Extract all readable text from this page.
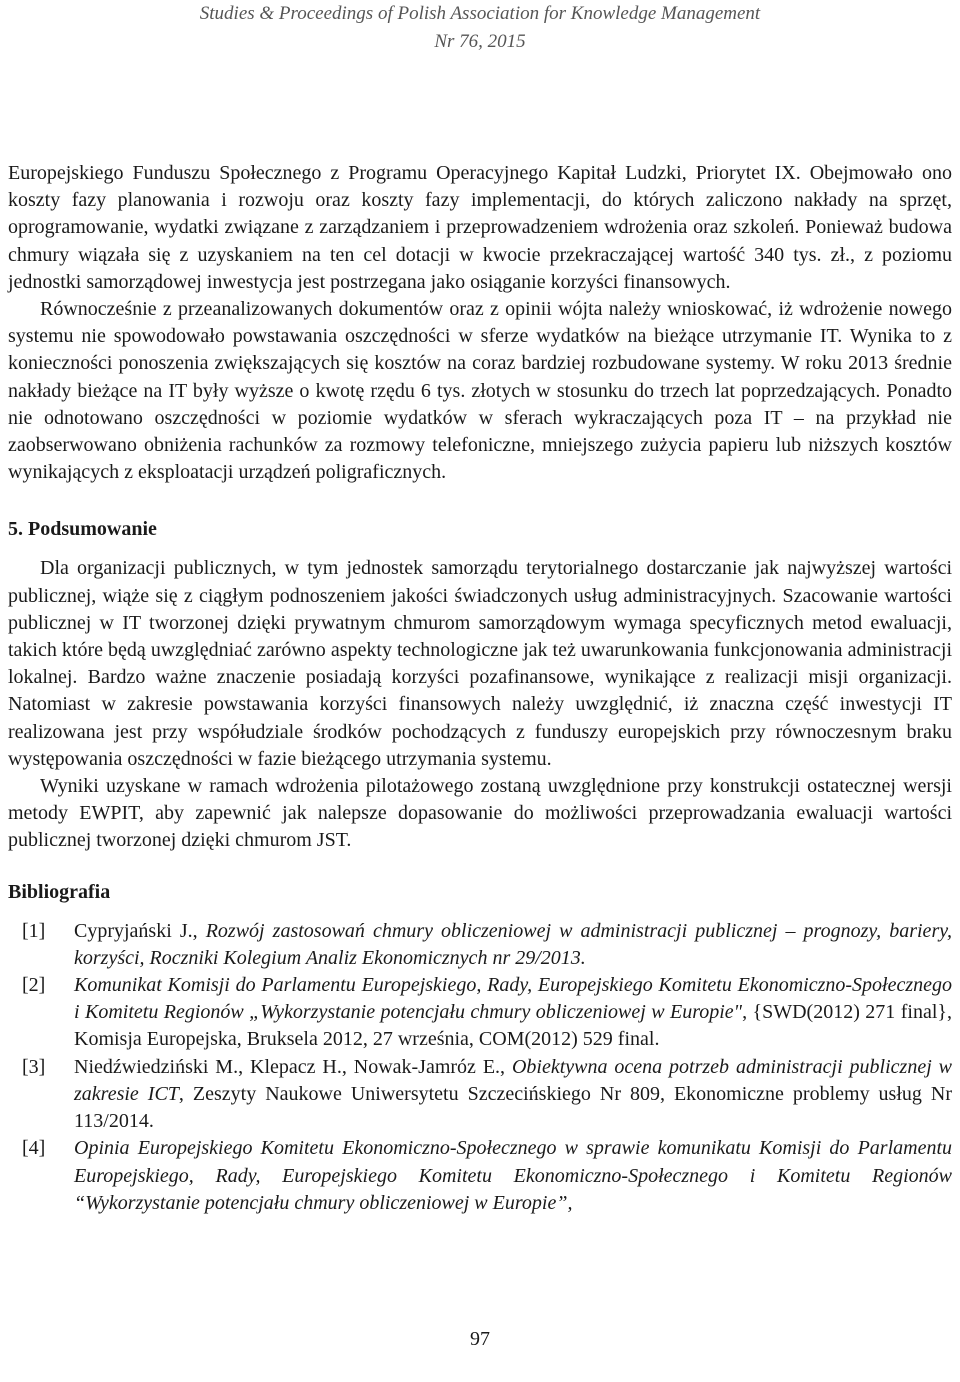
Studies & Proceedings of Polish Association for Knowledge Management
Nr 76, 2015

Europejskiego Funduszu Społecznego z Programu Operacyjnego Kapitał Ludzki, Priorytet IX. Obejmowało ono koszty fazy planowania i rozwoju oraz koszty fazy implementacji, do których zaliczono nakłady na sprzęt, oprogramowanie, wydatki związane z zarządzaniem i przeprowadzeniem wdrożenia oraz szkoleń. Ponieważ budowa chmury wiązała się z uzyskaniem na ten cel dotacji w kwocie przekraczającej wartość 340 tys. zł., z poziomu jednostki samorządowej inwestycja jest postrzegana jako osiąganie korzyści finansowych.

Równocześnie z przeanalizowanych dokumentów oraz z opinii wójta należy wnioskować, iż wdrożenie nowego systemu nie spowodowało powstawania oszczędności w sferze wydatków na bieżące utrzymanie IT. Wynika to z konieczności ponoszenia zwiększających się kosztów na coraz bardziej rozbudowane systemy. W roku 2013 średnie nakłady bieżące na IT były wyższe o kwotę rzędu 6 tys. złotych w stosunku do trzech lat poprzedzających. Ponadto nie odnotowano oszczędności w poziomie wydatków w sferach wykraczających poza IT – na przykład nie zaobserwowano obniżenia rachunków za rozmowy telefoniczne, mniejszego zużycia papieru lub niższych kosztów wynikających z eksploatacji urządzeń poligraficznych.

5. Podsumowanie

Dla organizacji publicznych, w tym jednostek samorządu terytorialnego dostarczanie jak najwyższej wartości publicznej, wiąże się z ciągłym podnoszeniem jakości świadczonych usług administracyjnych. Szacowanie wartości publicznej w IT tworzonej dzięki prywatnym chmurom samorządowym wymaga specyficznych metod ewaluacji, takich które będą uwzględniać zarówno aspekty technologiczne jak też uwarunkowania funkcjonowania administracji lokalnej. Bardzo ważne znaczenie posiadają korzyści pozafinansowe, wynikające z realizacji misji organizacji. Natomiast w zakresie powstawania korzyści finansowych należy uwzględnić, iż znaczna część inwestycji IT realizowana jest przy współudziale środków pochodzących z funduszy europejskich przy równoczesnym braku występowania oszczędności w fazie bieżącego utrzymania systemu.

Wyniki uzyskane w ramach wdrożenia pilotażowego zostaną uwzględnione przy konstrukcji ostatecznej wersji metody EWPIT, aby zapewnić jak nalepsze dopasowanie do możliwości przeprowadzania ewaluacji wartości publicznej tworzonej dzięki chmurom JST.

Bibliografia
[1]	Cypryjański J., Rozwój zastosowań chmury obliczeniowej w administracji publicznej – prognozy, bariery, korzyści, Roczniki Kolegium Analiz Ekonomicznych nr 29/2013.
[2]	Komunikat Komisji do Parlamentu Europejskiego, Rady, Europejskiego Komitetu Ekonomiczno-Społecznego i Komitetu Regionów „Wykorzystanie potencjału chmury obliczeniowej w Europie", {SWD(2012) 271 final}, Komisja Europejska, Bruksela 2012, 27 września, COM(2012) 529 final.
[3]	Niedźwiedziński M., Klepacz H., Nowak-Jamróz E., Obiektywna ocena potrzeb administracji publicznej w zakresie ICT, Zeszyty Naukowe Uniwersytetu Szczecińskiego Nr 809, Ekonomiczne problemy usług Nr 113/2014.
[4]	Opinia Europejskiego Komitetu Ekonomiczno-Społecznego w sprawie komunikatu Komisji do Parlamentu Europejskiego, Rady, Europejskiego Komitetu Ekonomiczno-Społecznego i Komitetu Regionów “Wykorzystanie potencjału chmury obliczeniowej w Europie”,
97
